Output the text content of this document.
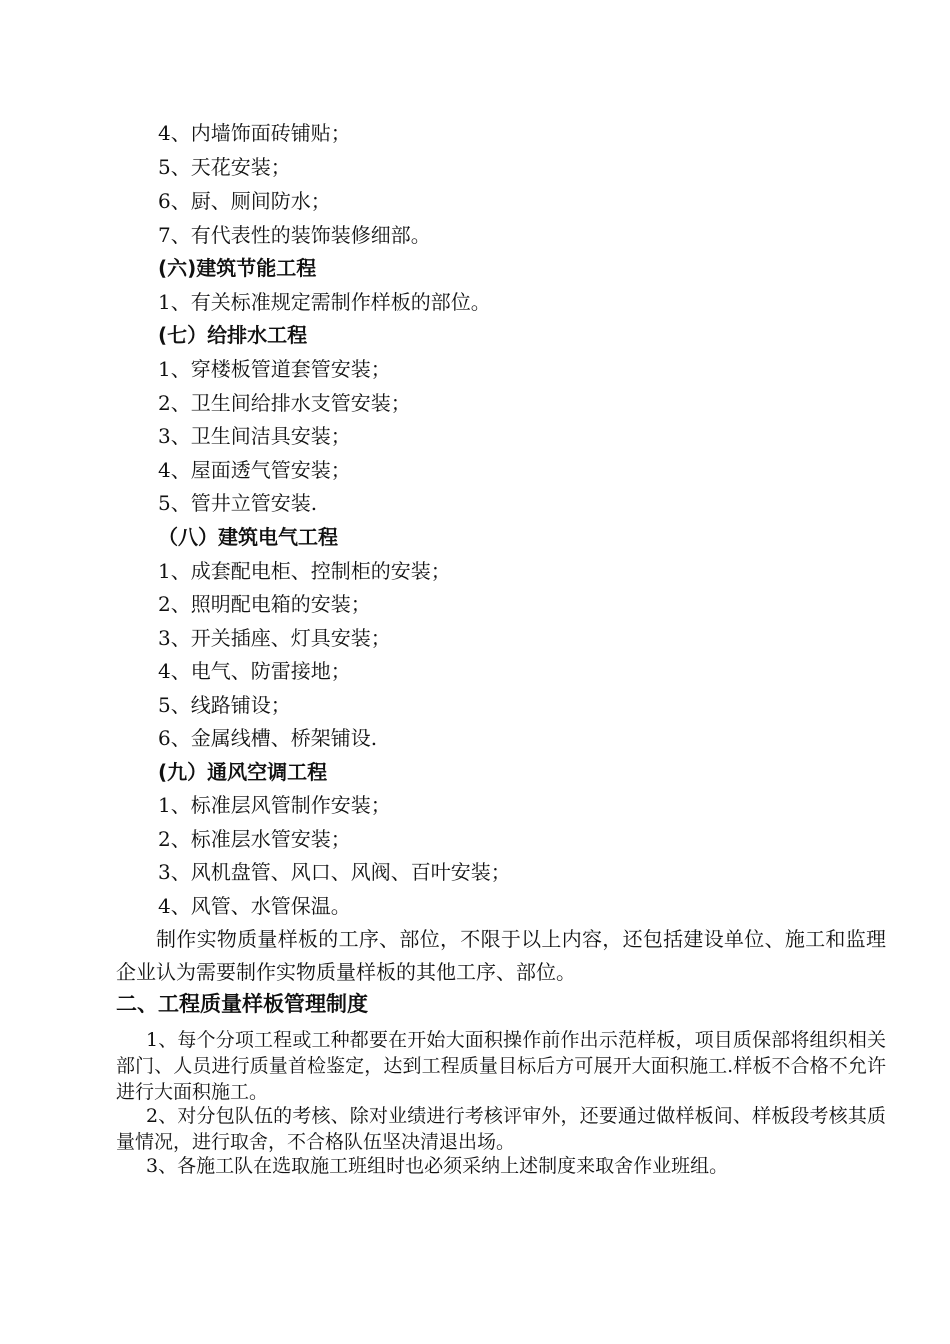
4、内墙饰面砖铺贴；

5、天花安装；

6、厨、厕间防水；

7、有代表性的装饰装修细部。

(六)建筑节能工程

1、有关标准规定需制作样板的部位。

(七）给排水工程

1、穿楼板管道套管安装；

2、卫生间给排水支管安装；

3、卫生间洁具安装；

4、屋面透气管安装；

5、管井立管安装.

（八）建筑电气工程

1、成套配电柜、控制柜的安装；

2、照明配电箱的安装；

3、开关插座、灯具安装；

4、电气、防雷接地；

5、线路铺设；

6、金属线槽、桥架铺设.

(九）通风空调工程

1、标准层风管制作安装；

2、标准层水管安装；

3、风机盘管、风口、风阀、百叶安装；

4、风管、水管保温。

制作实物质量样板的工序、部位，不限于以上内容，还包括建设单位、施工和监理企业认为需要制作实物质量样板的其他工序、部位。

二、工程质量样板管理制度

1、每个分项工程或工种都要在开始大面积操作前作出示范样板，项目质保部将组织相关部门、人员进行质量首检鉴定，达到工程质量目标后方可展开大面积施工.样板不合格不允许进行大面积施工。

2、对分包队伍的考核、除对业绩进行考核评审外，还要通过做样板间、样板段考核其质量情况，进行取舍，不合格队伍坚决清退出场。

3、各施工队在选取施工班组时也必须采纳上述制度来取舍作业班组。
